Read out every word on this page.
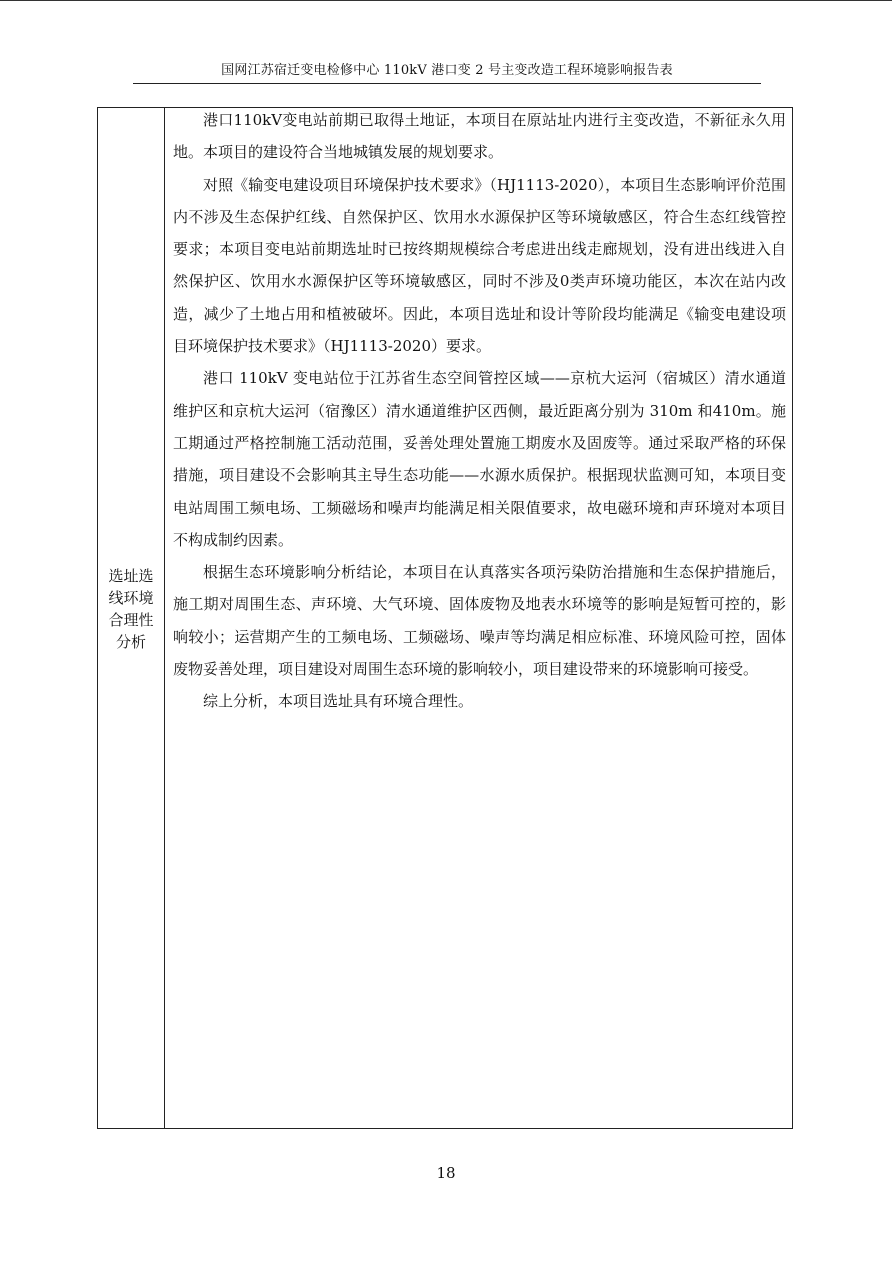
国网江苏宿迁变电检修中心 110kV 港口变 2 号主变改造工程环境影响报告表
选址选线环境合理性分析

港口110kV变电站前期已取得土地证，本项目在原站址内进行主变改造，不新征永久用地。本项目的建设符合当地城镇发展的规划要求。

对照《输变电建设项目环境保护技术要求》（HJ1113-2020），本项目生态影响评价范围内不涉及生态保护红线、自然保护区、饮用水水源保护区等环境敏感区，符合生态红线管控要求；本项目变电站前期选址时已按终期规模综合考虑进出线走廊规划，没有进出线进入自然保护区、饮用水水源保护区等环境敏感区，同时不涉及0类声环境功能区，本次在站内改造，减少了土地占用和植被破坏。因此，本项目选址和设计等阶段均能满足《输变电建设项目环境保护技术要求》（HJ1113-2020）要求。

港口 110kV 变电站位于江苏省生态空间管控区域——京杭大运河（宿城区）清水通道维护区和京杭大运河（宿豫区）清水通道维护区西侧，最近距离分别为 310m 和410m。施工期通过严格控制施工活动范围，妥善处理处置施工期废水及固废等。通过采取严格的环保措施，项目建设不会影响其主导生态功能——水源水质保护。根据现状监测可知，本项目变电站周围工频电场、工频磁场和噪声均能满足相关限值要求，故电磁环境和声环境对本项目不构成制约因素。

根据生态环境影响分析结论，本项目在认真落实各项污染防治措施和生态保护措施后，施工期对周围生态、声环境、大气环境、固体废物及地表水环境等的影响是短暂可控的，影响较小；运营期产生的工频电场、工频磁场、噪声等均满足相应标准、环境风险可控，固体废物妥善处理，项目建设对周围生态环境的影响较小，项目建设带来的环境影响可接受。

综上分析，本项目选址具有环境合理性。

18
